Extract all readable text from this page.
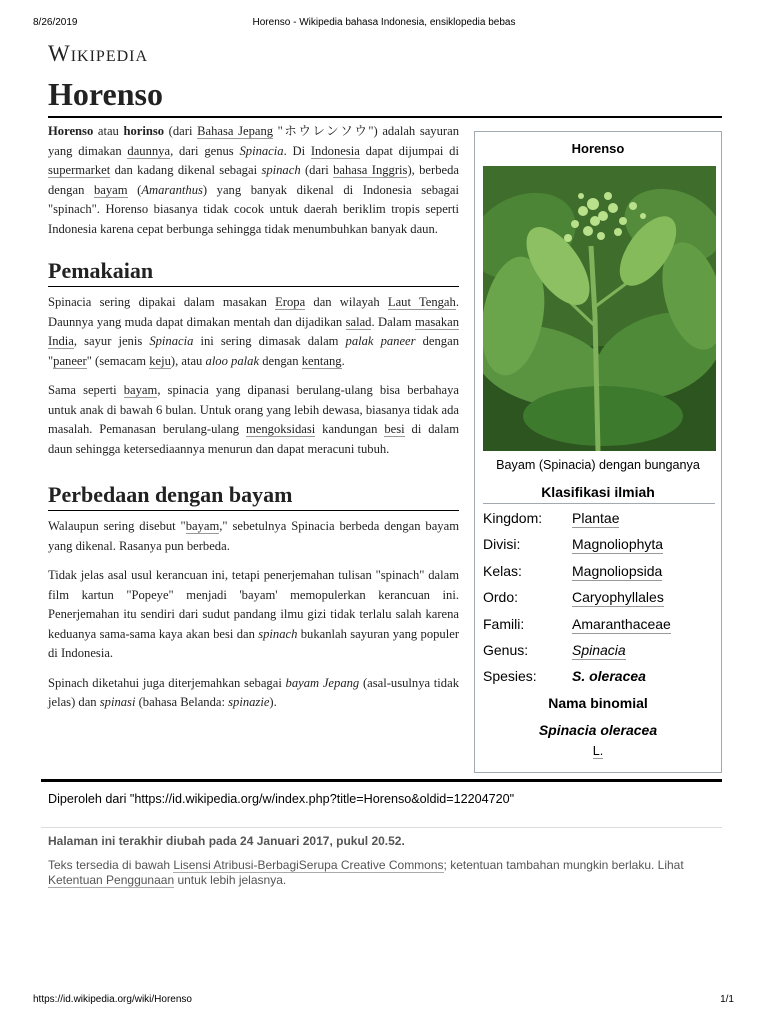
8/26/2019	Horenso - Wikipedia bahasa Indonesia, ensiklopedia bebas
Wikipedia
Horenso

Horenso atau horinso (dari Bahasa Jepang "ホウレンソウ") adalah sayuran yang dimakan daunnya, dari genus Spinacia. Di Indonesia dapat dijumpai di supermarket dan kadang dikenal sebagai spinach (dari bahasa Inggris), berbeda dengan bayam (Amaranthus) yang banyak dikenal di Indonesia sebagai "spinach". Horenso biasanya tidak cocok untuk daerah beriklim tropis seperti Indonesia karena cepat berbunga sehingga tidak menumbuhkan banyak daun.

Pemakaian

Spinacia sering dipakai dalam masakan Eropa dan wilayah Laut Tengah. Daunnya yang muda dapat dimakan mentah dan dijadikan salad. Dalam masakan India, sayur jenis Spinacia ini sering dimasak dalam palak paneer dengan "paneer" (semacam keju), atau aloo palak dengan kentang.

Sama seperti bayam, spinacia yang dipanasi berulang-ulang bisa berbahaya untuk anak di bawah 6 bulan. Untuk orang yang lebih dewasa, biasanya tidak ada masalah. Pemanasan berulang-ulang mengoksidasi kandungan besi di dalam daun sehingga ketersediaannya menurun dan dapat meracuni tubuh.

Perbedaan dengan bayam

Walaupun sering disebut "bayam," sebetulnya Spinacia berbeda dengan bayam yang dikenal. Rasanya pun berbeda.

Tidak jelas asal usul kerancuan ini, tetapi penerjemahan tulisan "spinach" dalam film kartun "Popeye" menjadi 'bayam' memopulerkan kerancuan ini. Penerjemahan itu sendiri dari sudut pandang ilmu gizi tidak terlalu salah karena keduanya sama-sama kaya akan besi dan spinach bukanlah sayuran yang populer di Indonesia.

Spinach diketahui juga diterjemahkan sebagai bayam Jepang (asal-usulnya tidak jelas) dan spinasi (bahasa Belanda: spinazie).

Horenso
Bayam (Spinacia) dengan bunganya
Klasifikasi ilmiah
Kingdom: Plantae
Divisi:	Magnoliophyta
Kelas:	Magnoliopsida
Ordo:	Caryophyllales
Famili:	Amaranthaceae
Genus:	Spinacia
Spesies:	S. oleracea
Nama binomial
Spinacia oleracea
L.
Diperoleh dari "https://id.wikipedia.org/w/index.php?title=Horenso&oldid=12204720"
Halaman ini terakhir diubah pada 24 Januari 2017, pukul 20.52.
Teks tersedia di bawah Lisensi Atribusi-BerbagiSerupa Creative Commons; ketentuan tambahan mungkin berlaku. Lihat Ketentuan Penggunaan untuk lebih jelasnya.
https://id.wikipedia.org/wiki/Horenso	1/1
